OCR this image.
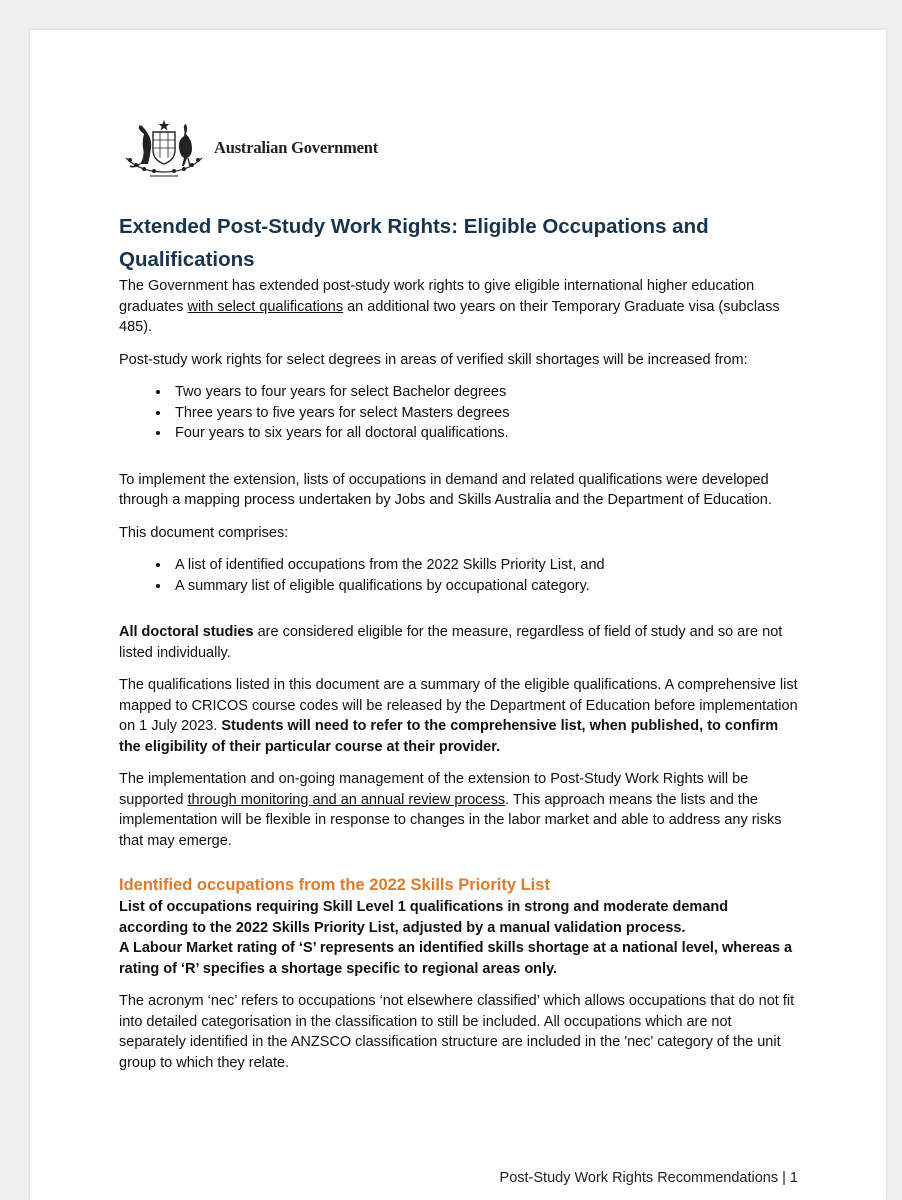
Australian Government
Extended Post-Study Work Rights: Eligible Occupations and Qualifications

The Government has extended post-study work rights to give eligible international higher education graduates with select qualifications an additional two years on their Temporary Graduate visa (subclass 485).

Post-study work rights for select degrees in areas of verified skill shortages will be increased from:

• Two years to four years for select Bachelor degrees
• Three years to five years for select Masters degrees
• Four years to six years for all doctoral qualifications.

To implement the extension, lists of occupations in demand and related qualifications were developed through a mapping process undertaken by Jobs and Skills Australia and the Department of Education.

This document comprises:

• A list of identified occupations from the 2022 Skills Priority List, and
• A summary list of eligible qualifications by occupational category.

All doctoral studies are considered eligible for the measure, regardless of field of study and so are not listed individually.

The qualifications listed in this document are a summary of the eligible qualifications. A comprehensive list mapped to CRICOS course codes will be released by the Department of Education before implementation on 1 July 2023. Students will need to refer to the comprehensive list, when published, to confirm the eligibility of their particular course at their provider.

The implementation and on-going management of the extension to Post-Study Work Rights will be supported through monitoring and an annual review process. This approach means the lists and the implementation will be flexible in response to changes in the labor market and able to address any risks that may emerge.

Identified occupations from the 2022 Skills Priority List

List of occupations requiring Skill Level 1 qualifications in strong and moderate demand according to the 2022 Skills Priority List, adjusted by a manual validation process.

A Labour Market rating of ‘S’ represents an identified skills shortage at a national level, whereas a rating of ‘R’ specifies a shortage specific to regional areas only.

The acronym ‘nec’ refers to occupations ‘not elsewhere classified’ which allows occupations that do not fit into detailed categorisation in the classification to still be included. All occupations which are not separately identified in the ANZSCO classification structure are included in the 'nec' category of the unit group to which they relate.

Post-Study Work Rights Recommendations | 1
